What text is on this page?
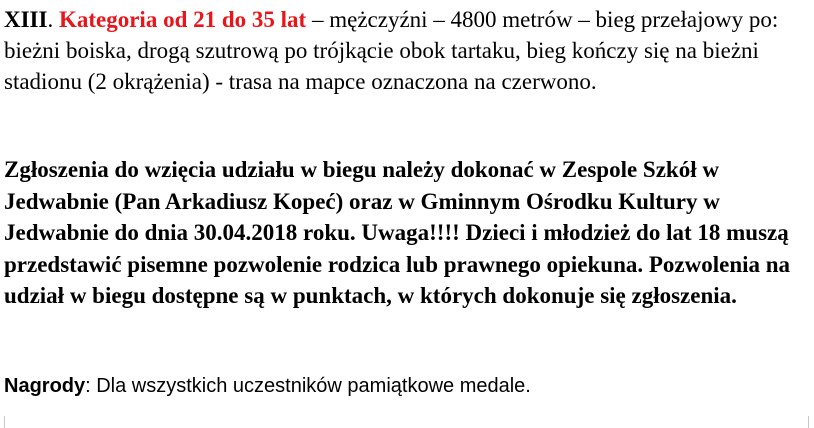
XIII. Kategoria od 21 do 35 lat – mężczyźni – 4800 metrów – bieg przełajowy po: bieżni boiska, drogą szutrową po trójkącie obok tartaku, bieg kończy się na bieżni stadionu (2 okrążenia) - trasa na mapce oznaczona na czerwono.

Zgłoszenia do wzięcia udziału w biegu należy dokonać w Zespole Szkół w Jedwabnie (Pan Arkadiusz Kopeć) oraz w Gminnym Ośrodku Kultury w Jedwabnie do dnia 30.04.2018 roku. Uwaga!!!! Dzieci i młodzież do lat 18 muszą przedstawić pisemne pozwolenie rodzica lub prawnego opiekuna. Pozwolenia na udział w biegu dostępne są w punktach, w których dokonuje się zgłoszenia.

Nagrody: Dla wszystkich uczestników pamiątkowe medale.
